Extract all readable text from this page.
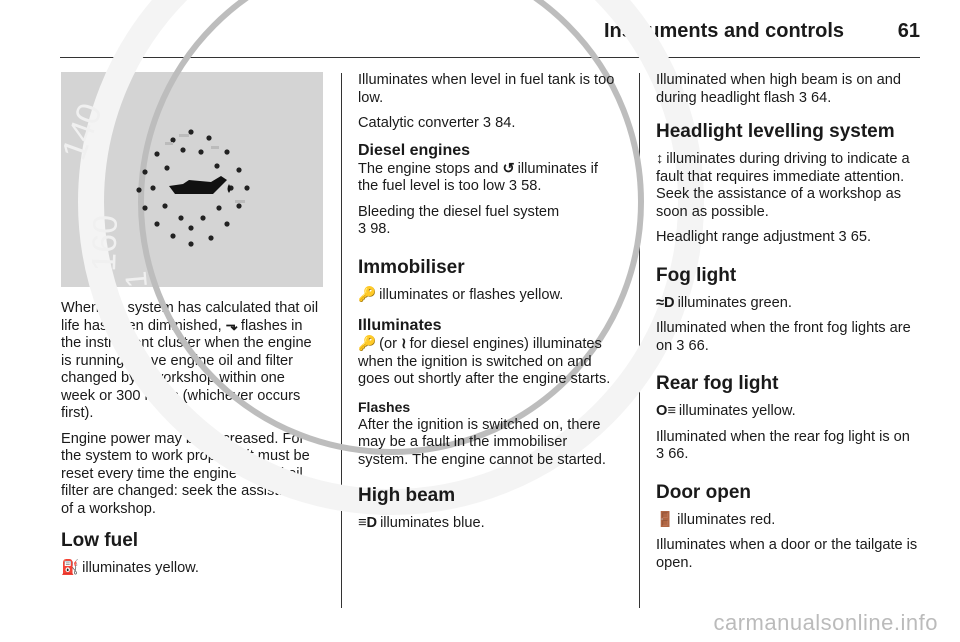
Instruments and controls	61
140
160
1

When the system has calculated that oil life has been diminished, ⬎ flashes in the instrument cluster when the engine is running. Have engine oil and filter changed by a workshop within one week or 300 miles (whichever occurs first).

Engine power may be decreased. For the system to work properly, it must be reset every time the engine oil and oil filter are changed: seek the assistance of a workshop.

Low fuel

⛽ illuminates yellow.

Illuminates when level in fuel tank is too low.

Catalytic converter 3 84.

Diesel engines

The engine stops and ↺ illuminates if the fuel level is too low 3 58.

Bleeding the diesel fuel system
3 98.

Immobiliser

🔑 illuminates or flashes yellow.

Illuminates

🔑 (or ≀ for diesel engines) illuminates when the ignition is switched on and goes out shortly after the engine starts.

Flashes

After the ignition is switched on, there may be a fault in the immobiliser system. The engine cannot be started.

High beam

≡D illuminates blue.

Illuminated when high beam is on and during headlight flash 3 64.

Headlight levelling system

↕ illuminates during driving to indicate a fault that requires immediate attention. Seek the assistance of a workshop as soon as possible.

Headlight range adjustment 3 65.

Fog light

≈D illuminates green.

Illuminated when the front fog lights are on 3 66.

Rear fog light

O≡ illuminates yellow.

Illuminated when the rear fog light is on 3 66.

Door open

🚪 illuminates red.

Illuminates when a door or the tailgate is open.

carmanualsonline.info
